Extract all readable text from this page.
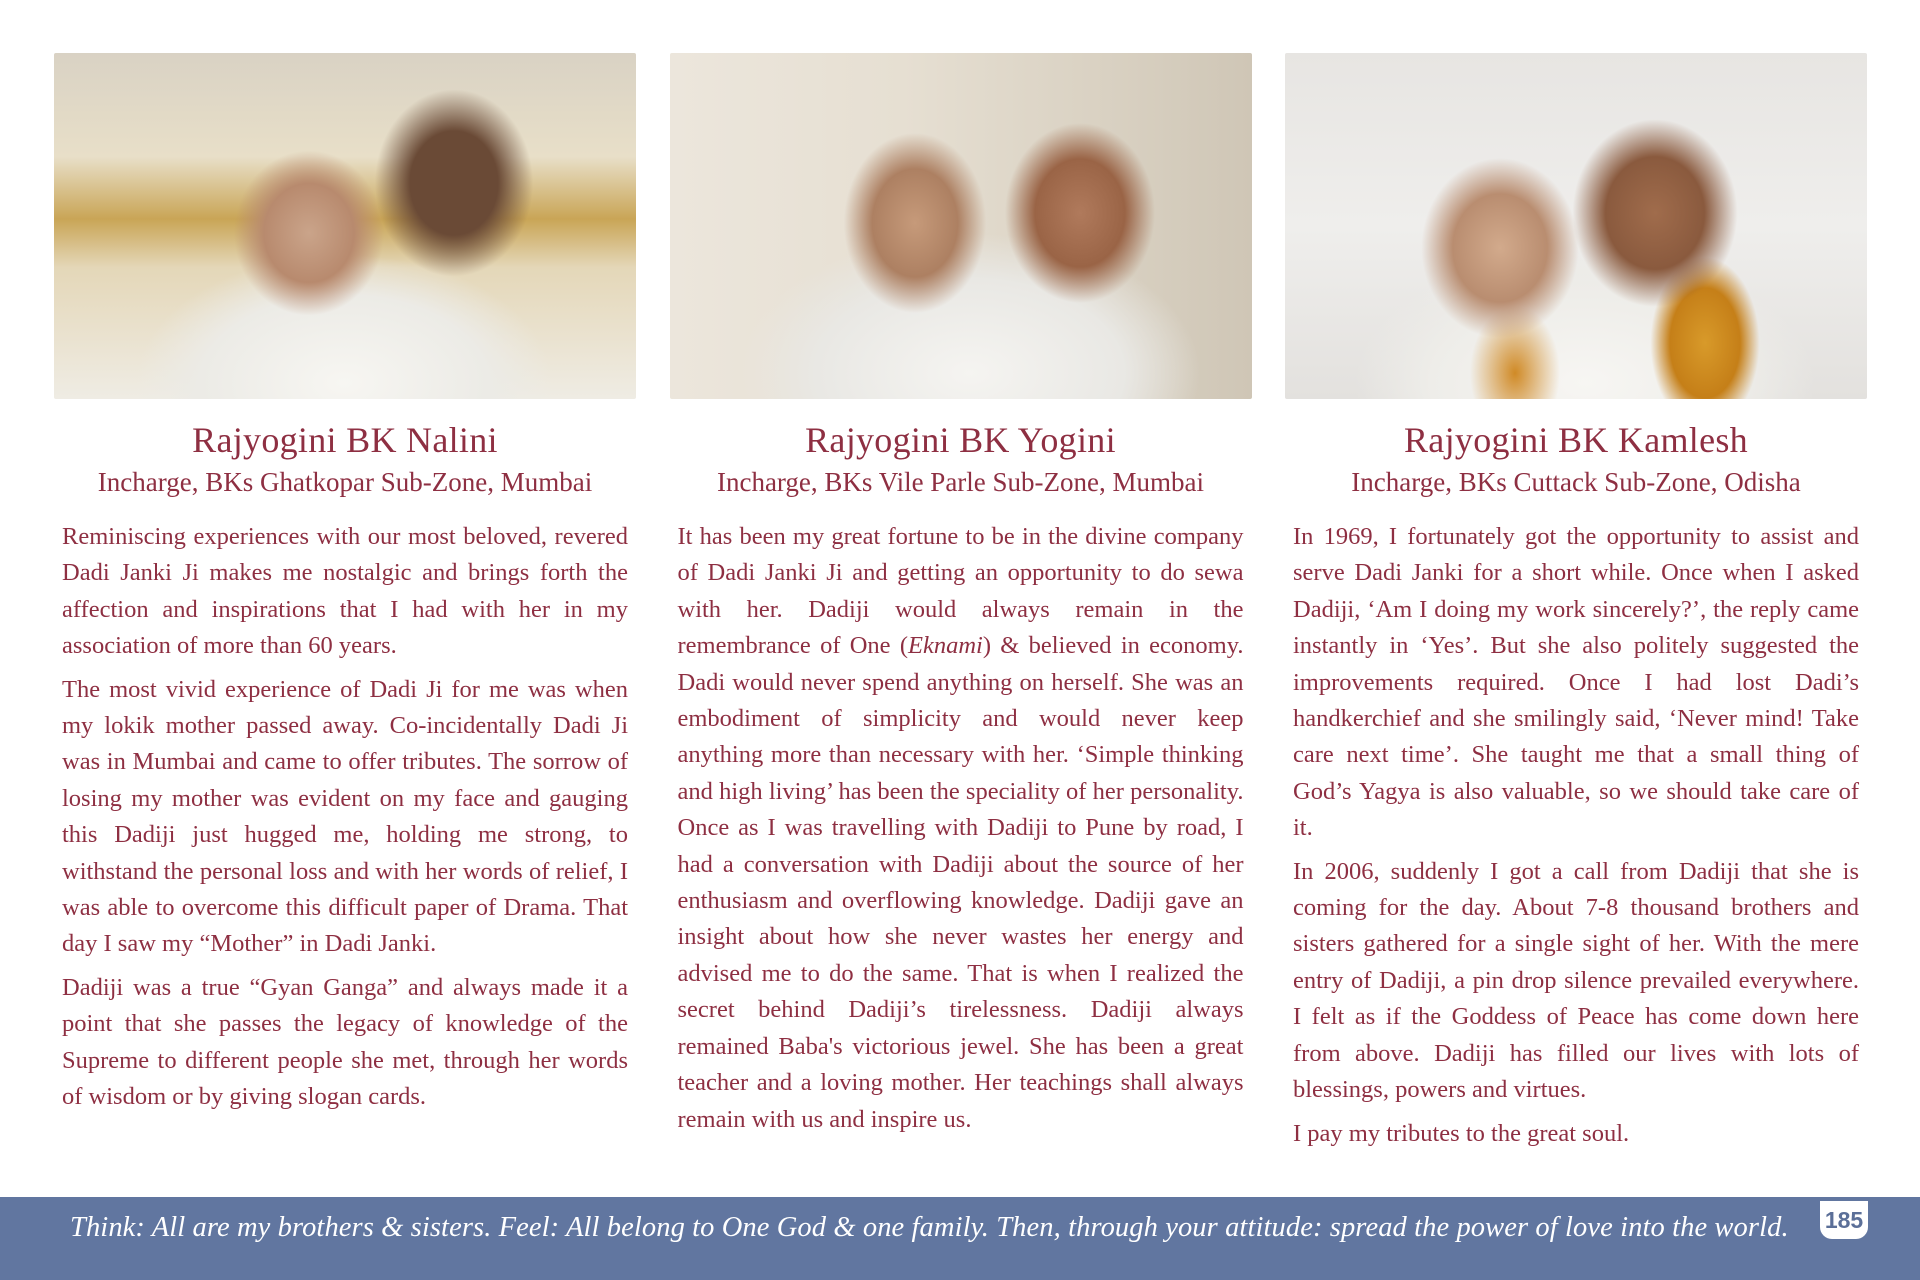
Rajyogini BK Nalini
Incharge, BKs Ghatkopar Sub-Zone, Mumbai

Reminiscing experiences with our most beloved, revered Dadi Janki Ji makes me nostalgic and brings forth the affection and inspirations that I had with her in my association of more than 60 years.

The most vivid experience of Dadi Ji for me was when my lokik mother passed away. Co-incidentally Dadi Ji was in Mumbai and came to offer tributes. The sorrow of losing my mother was evident on my face and gauging this Dadiji just hugged me, holding me strong, to withstand the personal loss and with her words of relief, I was able to overcome this difficult paper of Drama. That day I saw my “Mother” in Dadi Janki.

Dadiji was a true “Gyan Ganga” and always made it a point that she passes the legacy of knowledge of the Supreme to different people she met, through her words of wisdom or by giving slogan cards.

Rajyogini BK Yogini
Incharge, BKs Vile Parle Sub-Zone, Mumbai

It has been my great fortune to be in the divine company of Dadi Janki Ji and getting an opportunity to do sewa with her. Dadiji would always remain in the remembrance of One (Eknami) & believed in economy. Dadi would never spend anything on herself. She was an embodiment of simplicity and would never keep anything more than necessary with her. ‘Simple thinking and high living’ has been the speciality of her personality. Once as I was travelling with Dadiji to Pune by road, I had a conversation with Dadiji about the source of her enthusiasm and overflowing knowledge. Dadiji gave an insight about how she never wastes her energy and advised me to do the same. That is when I realized the secret behind Dadiji’s tirelessness. Dadiji always remained Baba's victorious jewel. She has been a great teacher and a loving mother. Her teachings shall always remain with us and inspire us.

Rajyogini BK Kamlesh
Incharge, BKs Cuttack Sub-Zone, Odisha

In 1969, I fortunately got the opportunity to assist and serve Dadi Janki for a short while. Once when I asked Dadiji, ‘Am I doing my work sincerely?’, the reply came instantly in ‘Yes’. But she also politely suggested the improvements required. Once I had lost Dadi’s handkerchief and she smilingly said, ‘Never mind! Take care next time’. She taught me that a small thing of God’s Yagya is also valuable, so we should take care of it.

In 2006, suddenly I got a call from Dadiji that she is coming for the day. About 7-8 thousand brothers and sisters gathered for a single sight of her. With the mere entry of Dadiji, a pin drop silence prevailed everywhere. I felt as if the Goddess of Peace has come down here from above. Dadiji has filled our lives with lots of blessings, powers and virtues.

I pay my tributes to the great soul.

Think: All are my brothers & sisters. Feel: All belong to One God & one family. Then, through your attitude: spread the power of love into the world. 185
